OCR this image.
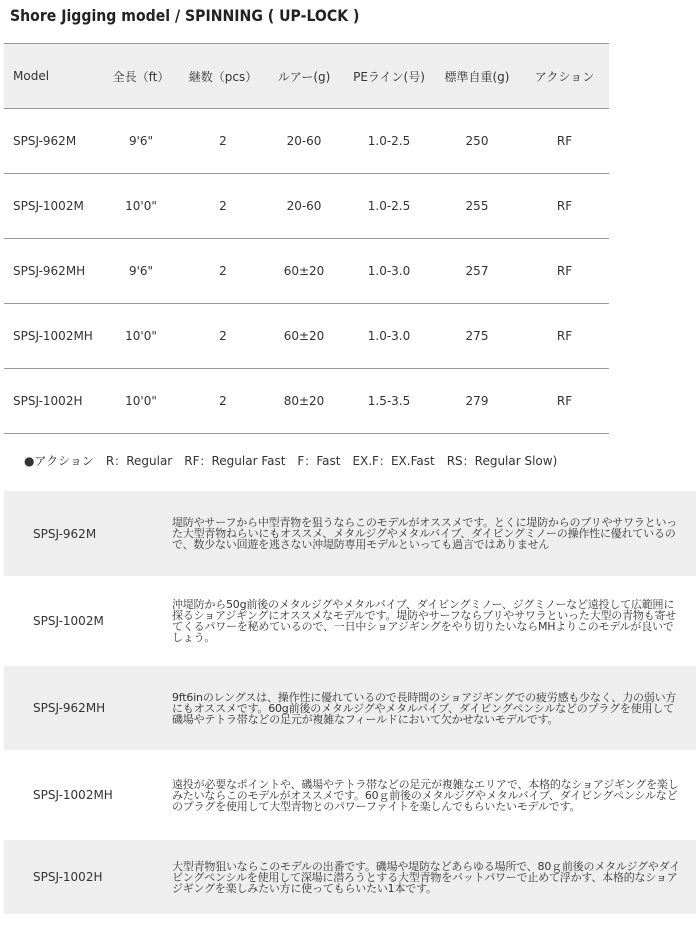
Shore Jigging model / SPINNING ( UP-LOCK )
Model	全長（ft）	継数（pcs）	ルアー(g)	PEライン(号)	標準自重(g)	アクション
SPSJ-962M	9'6"	2	20-60	1.0-2.5	250	RF
SPSJ-1002M	10'0"	2	20-60	1.0-2.5	255	RF
SPSJ-962MH	9'6"	2	60±20	1.0-3.0	257	RF
SPSJ-1002MH	10'0"	2	60±20	1.0-3.0	275	RF
SPSJ-1002H	10'0"	2	80±20	1.5-3.5	279	RF
●アクション　R：Regular　RF：Regular Fast　F：Fast　EX.F：EX.Fast　RS：Regular Slow)
SPSJ-962M	堤防やサーフから中型青物を狙うならこのモデルがオススメです。とくに堤防からのブリやサワラといった大型青物ねらいにもオススメ、メタルジグやメタルバイブ、ダイビングミノーの操作性に優れているので、数少ない回遊を逃さない沖堤防専用モデルといっても過言ではありません

SPSJ-1002M	沖堤防から50g前後のメタルジグやメタルバイブ、ダイビングミノー、ジグミノーなど遠投して広範囲に探るショアジギングにオススメなモデルです。堤防やサーフならブリやサワラといった大型の青物も寄せてくるパワーを秘めているので、一日中ショアジギングをやり切りたいならMHよりこのモデルが良いでしょう。

SPSJ-962MH	9ft6inのレングスは、操作性に優れているので長時間のショアジギングでの疲労感も少なく、力の弱い方にもオススメです。60g前後のメタルジグやメタルバイブ、ダイビングペンシルなどのプラグを使用して磯場やテトラ帯などの足元が複雑なフィールドにおいて欠かせないモデルです。

SPSJ-1002MH	遠投が必要なポイントや、磯場やテトラ帯などの足元が複雑なエリアで、本格的なショアジギングを楽しみたいならこのモデルがオススメです。60ｇ前後のメタルジグやメタルバイブ、ダイビングペンシルなどのプラグを使用して大型青物とのパワーファイトを楽しんでもらいたいモデルです。

SPSJ-1002H	大型青物狙いならこのモデルの出番です。磯場や堤防などあらゆる場所で、80ｇ前後のメタルジグやダイビングペンシルを使用して深場に潜ろうとする大型青物をバットパワーで止めて浮かす、本格的なショアジギングを楽しみたい方に使ってもらいたい1本です。
